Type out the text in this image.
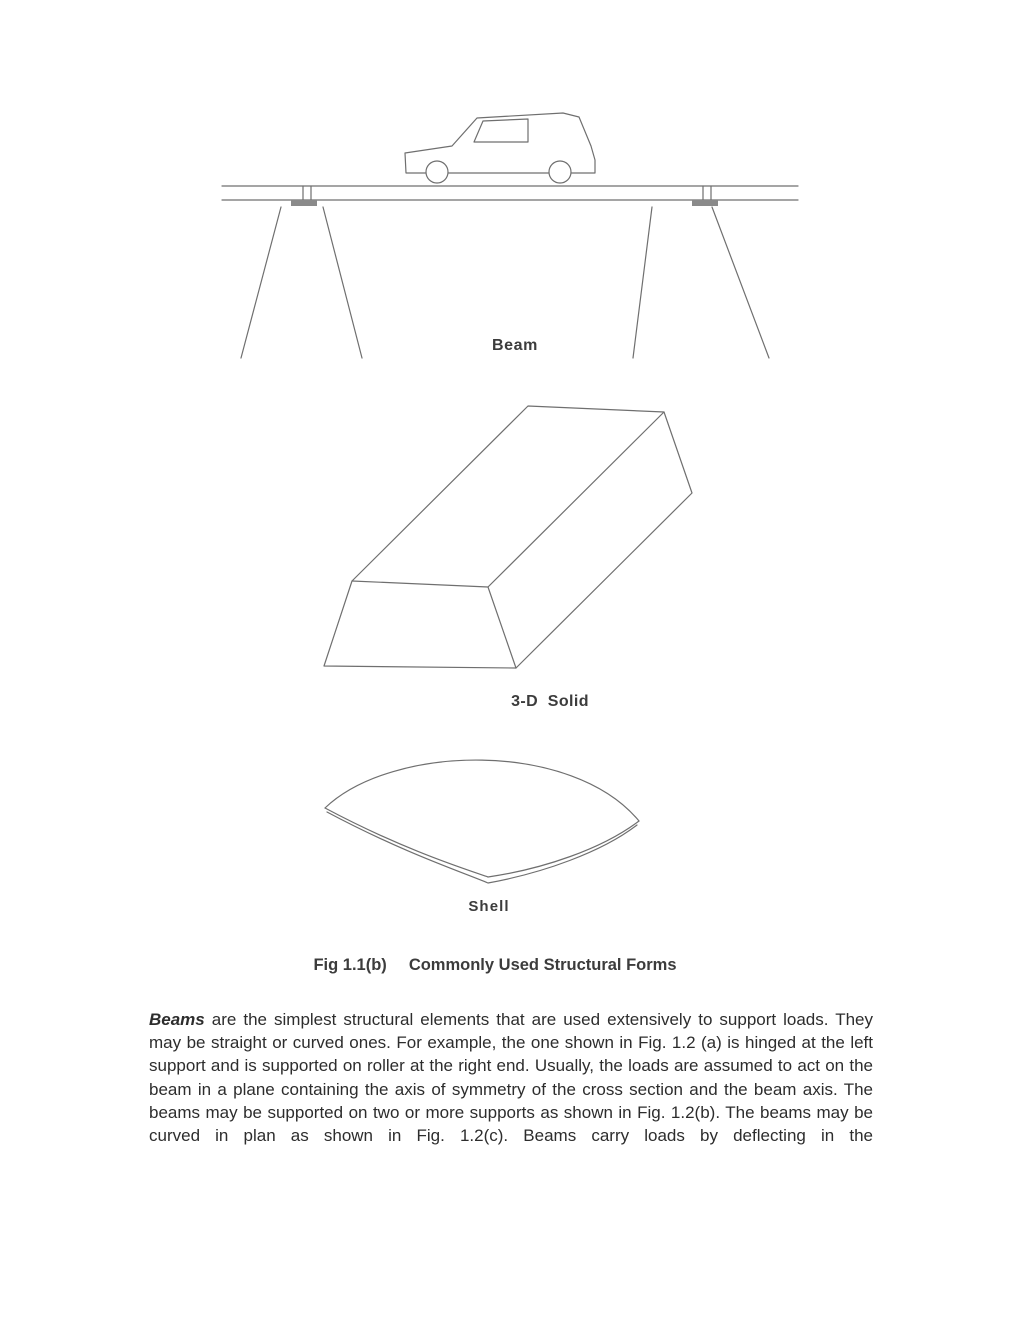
Beam
3-D  Solid
Shell
Fig 1.1(b) Commonly Used Structural Forms

Beams are the simplest structural elements that are used extensively to support loads. They may be straight or curved ones. For example, the one shown in Fig. 1.2 (a) is hinged at the left support and is supported on roller at the right end. Usually, the loads are assumed to act on the beam in a plane containing the axis of symmetry of the cross section and the beam axis. The beams may be supported on two or more supports as shown in Fig. 1.2(b). The beams may be curved in plan as shown in Fig. 1.2(c). Beams carry loads by deflecting in the
